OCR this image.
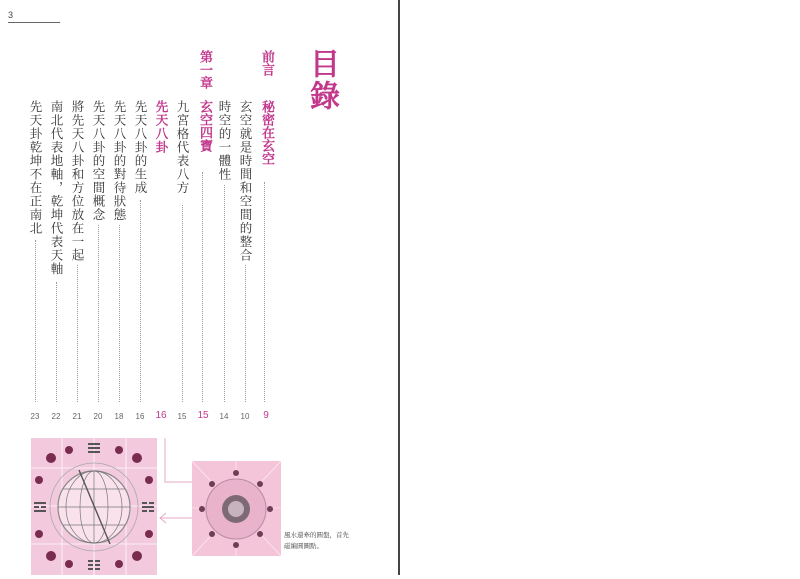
3
目錄
前言
秘密在玄空
玄空就是時間和空間的整合
時空的一體性
第一章
玄空四寶
九宮格代表八方
先天八卦
先天八卦的生成
先天八卦的對待狀態
先天八卦的空間概念
將先天八卦和方位放在一起
南北代表地軸，乾坤代表天軸
先天卦乾坤不在正南北
9
10
14
15
15
16
16
18
20
21
22
23
風水還牽的圓盤，首先
磁編圓圖點。
